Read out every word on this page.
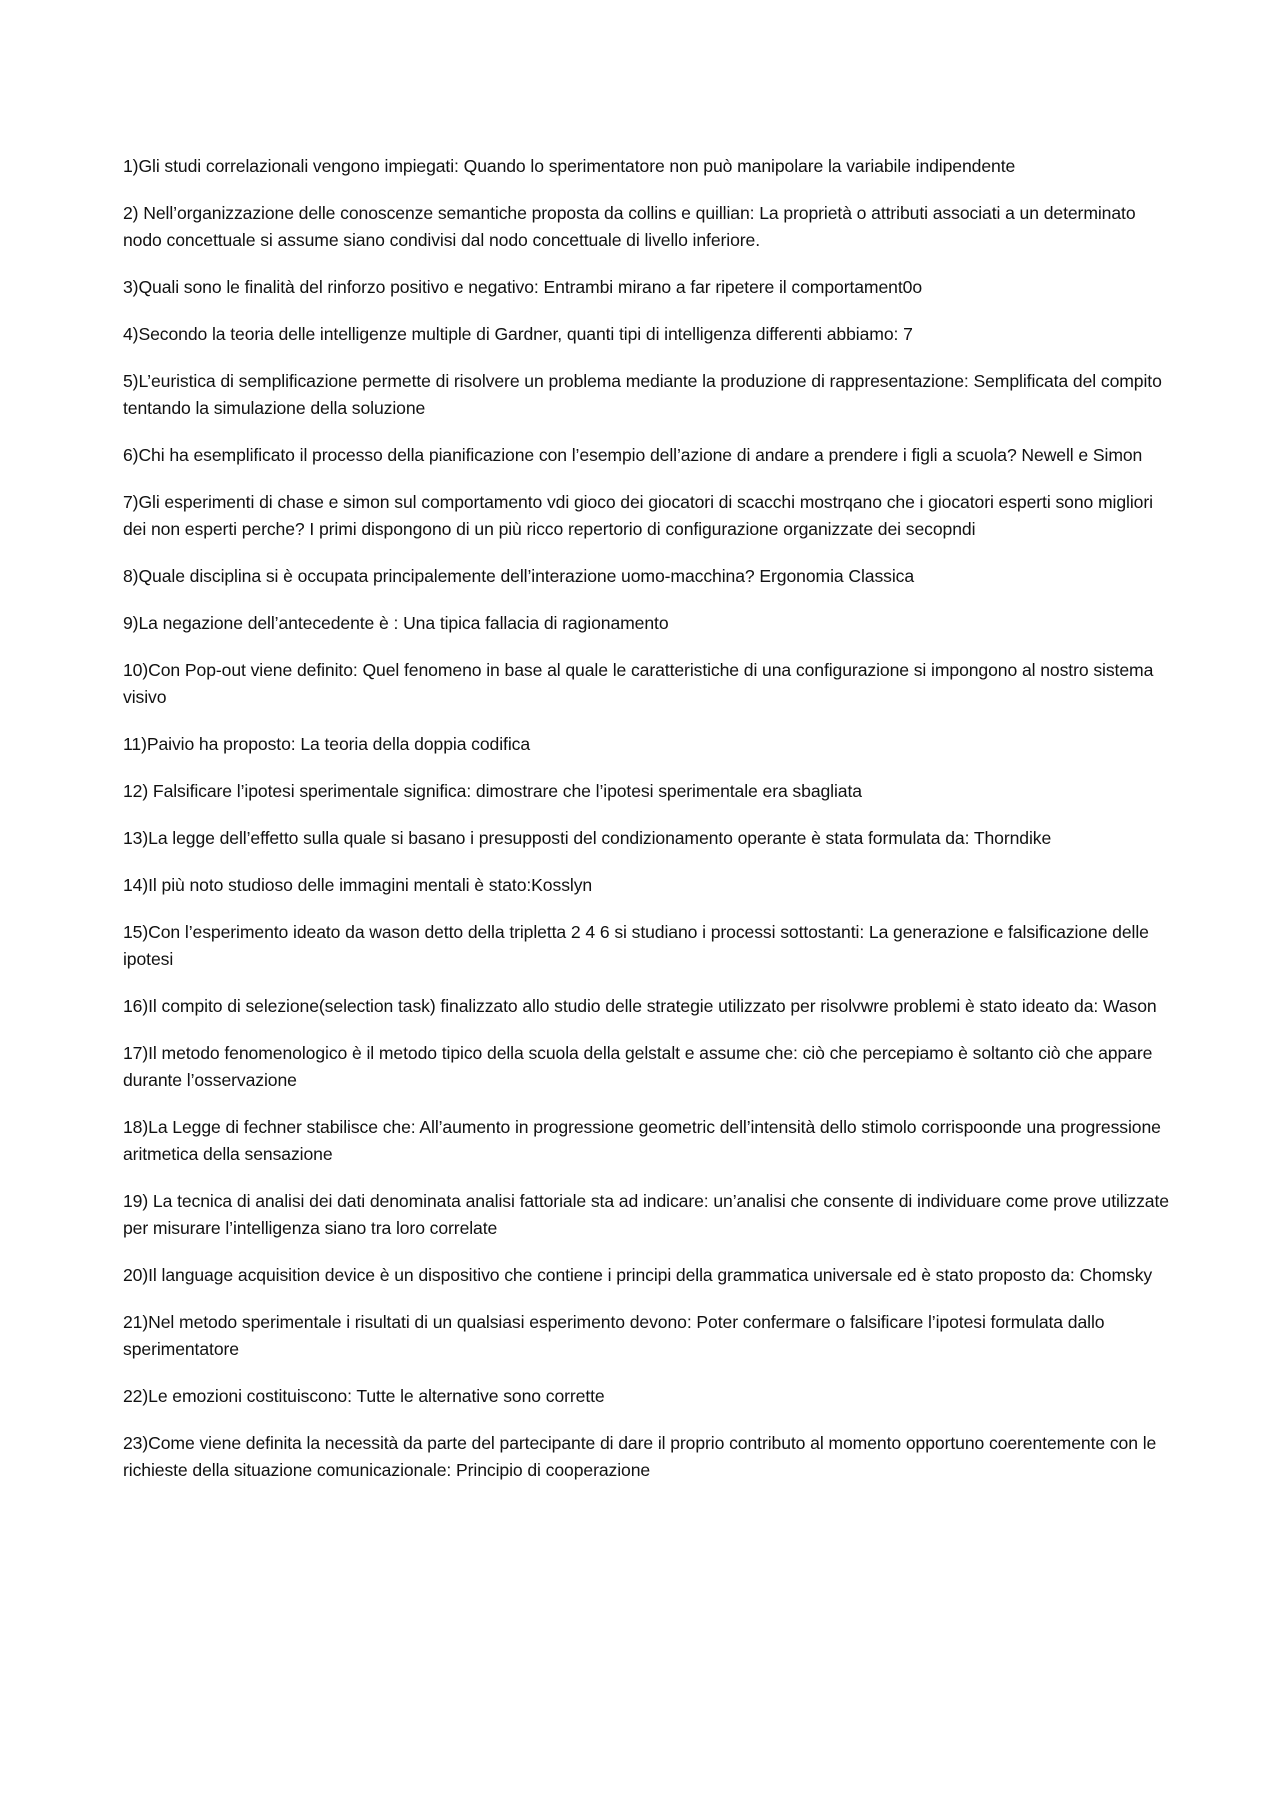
1)Gli studi correlazionali vengono impiegati: Quando lo sperimentatore non può manipolare la variabile indipendente

2) Nell’organizzazione delle conoscenze semantiche proposta da collins e quillian: La proprietà o attributi associati a un determinato nodo concettuale si assume siano condivisi dal nodo concettuale di livello inferiore.

3)Quali sono le finalità del rinforzo positivo e negativo: Entrambi mirano a far ripetere il comportament0o

4)Secondo la teoria delle intelligenze multiple di Gardner, quanti tipi di intelligenza differenti abbiamo: 7

5)L’euristica di semplificazione permette di risolvere un problema mediante la produzione di rappresentazione: Semplificata del compito tentando la simulazione della soluzione

6)Chi ha esemplificato il processo della pianificazione con l’esempio dell’azione di andare a prendere i figli a scuola? Newell e Simon

7)Gli esperimenti di chase e simon sul comportamento vdi gioco dei giocatori di scacchi mostrqano che i giocatori esperti sono migliori dei non esperti perche? I primi dispongono di un più ricco repertorio di configurazione organizzate dei secopndi

8)Quale disciplina si è occupata principalemente dell’interazione uomo-macchina? Ergonomia Classica

9)La negazione dell’antecedente è : Una tipica fallacia di ragionamento

10)Con Pop-out viene definito: Quel fenomeno in base al quale le caratteristiche di una configurazione si impongono al nostro sistema visivo

11)Paivio ha proposto: La teoria della doppia codifica

12) Falsificare l’ipotesi sperimentale significa: dimostrare che l’ipotesi sperimentale era sbagliata

13)La legge dell’effetto sulla quale si basano i presupposti del condizionamento operante è stata formulata da: Thorndike

14)Il più noto studioso delle immagini mentali è stato:Kosslyn

15)Con l’esperimento ideato da wason detto della tripletta 2 4 6 si studiano i processi sottostanti: La generazione e falsificazione delle ipotesi

16)Il compito di selezione(selection task) finalizzato allo studio delle strategie utilizzato per risolvwre problemi è stato ideato da: Wason

17)Il metodo fenomenologico è il metodo tipico della scuola della gelstalt e assume che: ciò che percepiamo è soltanto ciò che appare durante l’osservazione

18)La Legge di fechner stabilisce che: All’aumento in progressione geometric dell’intensità dello stimolo corrispoonde una progressione aritmetica della sensazione

19) La tecnica di analisi dei dati denominata analisi fattoriale sta ad indicare: un’analisi che consente di individuare come prove utilizzate per misurare l’intelligenza siano tra loro correlate

20)Il language acquisition device è un dispositivo che contiene i principi della grammatica universale ed è stato proposto da: Chomsky

21)Nel metodo sperimentale i risultati di un qualsiasi esperimento devono: Poter confermare o falsificare l’ipotesi formulata dallo sperimentatore

22)Le emozioni costituiscono: Tutte le alternative sono corrette

23)Come viene definita la necessità da parte del partecipante di dare il proprio contributo al momento opportuno coerentemente con le richieste della situazione comunicazionale: Principio di cooperazione
